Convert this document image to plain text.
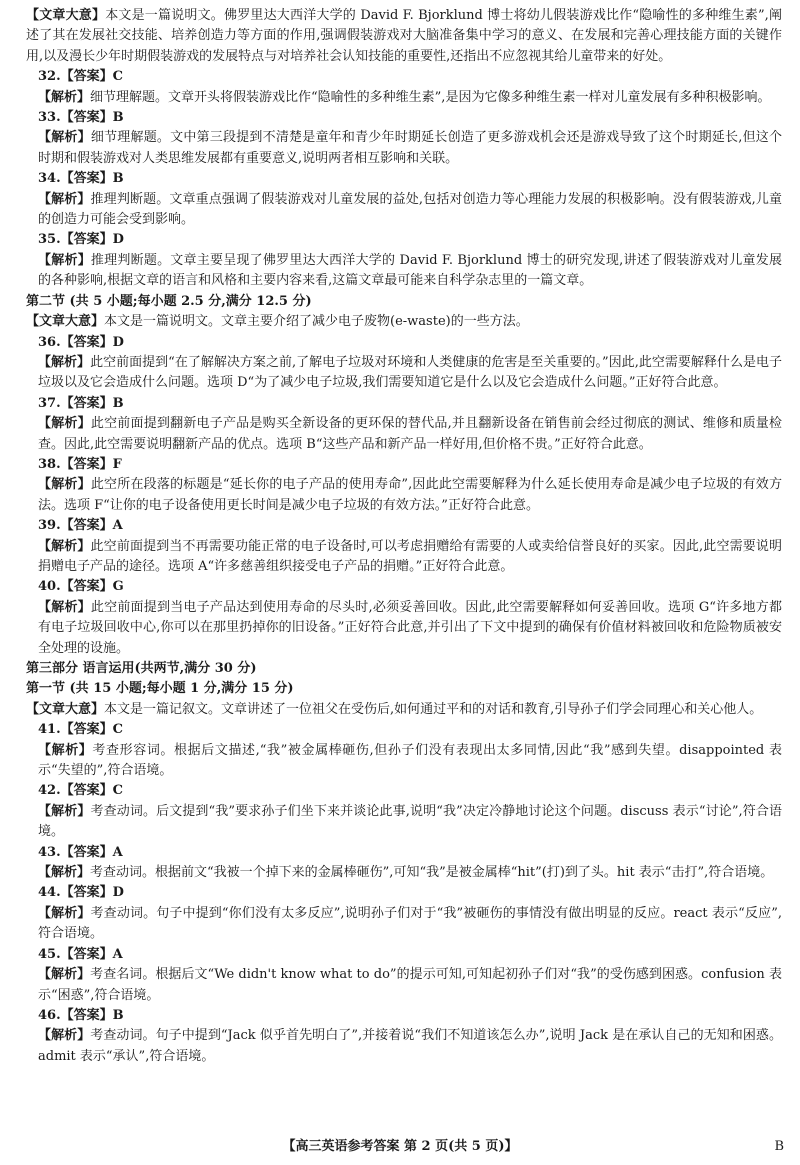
【文章大意】本文是一篇说明文。佛罗里达大西洋大学的 David F. Bjorklund 博士将幼儿假装游戏比作“隐喻性的多种维生素”,阐述了其在发展社交技能、培养创造力等方面的作用,强调假装游戏对大脑准备集中学习的意义、在发展和完善心理技能方面的关键作用,以及漫长少年时期假装游戏的发展特点与对培养社会认知技能的重要性,还指出不应忽视其给儿童带来的好处。

32.【答案】C

【解析】细节理解题。文章开头将假装游戏比作“隐喻性的多种维生素”,是因为它像多种维生素一样对儿童发展有多种积极影响。

33.【答案】B

【解析】细节理解题。文中第三段提到不清楚是童年和青少年时期延长创造了更多游戏机会还是游戏导致了这个时期延长,但这个时期和假装游戏对人类思维发展都有重要意义,说明两者相互影响和关联。

34.【答案】B

【解析】推理判断题。文章重点强调了假装游戏对儿童发展的益处,包括对创造力等心理能力发展的积极影响。没有假装游戏,儿童的创造力可能会受到影响。

35.【答案】D

【解析】推理判断题。文章主要呈现了佛罗里达大西洋大学的 David F. Bjorklund 博士的研究发现,讲述了假装游戏对儿童发展的各种影响,根据文章的语言和风格和主要内容来看,这篇文章最可能来自科学杂志里的一篇文章。

第二节 (共 5 小题;每小题 2.5 分,满分 12.5 分)

【文章大意】本文是一篇说明文。文章主要介绍了减少电子废物(e-waste)的一些方法。

36.【答案】D

【解析】此空前面提到“在了解解决方案之前,了解电子垃圾对环境和人类健康的危害是至关重要的。”因此,此空需要解释什么是电子垃圾以及它会造成什么问题。选项 D“为了减少电子垃圾,我们需要知道它是什么以及它会造成什么问题。”正好符合此意。

37.【答案】B

【解析】此空前面提到翻新电子产品是购买全新设备的更环保的替代品,并且翻新设备在销售前会经过彻底的测试、维修和质量检查。因此,此空需要说明翻新产品的优点。选项 B“这些产品和新产品一样好用,但价格不贵。”正好符合此意。

38.【答案】F

【解析】此空所在段落的标题是“延长你的电子产品的使用寿命”,因此此空需要解释为什么延长使用寿命是减少电子垃圾的有效方法。选项 F“让你的电子设备使用更长时间是减少电子垃圾的有效方法。”正好符合此意。

39.【答案】A

【解析】此空前面提到当不再需要功能正常的电子设备时,可以考虑捐赠给有需要的人或卖给信誉良好的买家。因此,此空需要说明捐赠电子产品的途径。选项 A“许多慈善组织接受电子产品的捐赠。”正好符合此意。

40.【答案】G

【解析】此空前面提到当电子产品达到使用寿命的尽头时,必须妥善回收。因此,此空需要解释如何妥善回收。选项 G“许多地方都有电子垃圾回收中心,你可以在那里扔掉你的旧设备。”正好符合此意,并引出了下文中提到的确保有价值材料被回收和危险物质被安全处理的设施。

第三部分 语言运用(共两节,满分 30 分)

第一节 (共 15 小题;每小题 1 分,满分 15 分)

【文章大意】本文是一篇记叙文。文章讲述了一位祖父在受伤后,如何通过平和的对话和教育,引导孙子们学会同理心和关心他人。

41.【答案】C

【解析】考查形容词。根据后文描述,“我”被金属棒砸伤,但孙子们没有表现出太多同情,因此“我”感到失望。disappointed 表示“失望的”,符合语境。

42.【答案】C

【解析】考查动词。后文提到“我”要求孙子们坐下来并谈论此事,说明“我”决定冷静地讨论这个问题。discuss 表示“讨论”,符合语境。

43.【答案】A

【解析】考查动词。根据前文“我被一个掉下来的金属棒砸伤”,可知“我”是被金属棒“hit”(打)到了头。hit 表示“击打”,符合语境。

44.【答案】D

【解析】考查动词。句子中提到“你们没有太多反应”,说明孙子们对于“我”被砸伤的事情没有做出明显的反应。react 表示“反应”,符合语境。

45.【答案】A

【解析】考查名词。根据后文“We didn't know what to do”的提示可知,可知起初孙子们对“我”的受伤感到困惑。confusion 表示“困惑”,符合语境。

46.【答案】B

【解析】考查动词。句子中提到“Jack 似乎首先明白了”,并接着说“我们不知道该怎么办”,说明 Jack 是在承认自己的无知和困惑。admit 表示“承认”,符合语境。

【高三英语参考答案 第 2 页(共 5 页)】	B
